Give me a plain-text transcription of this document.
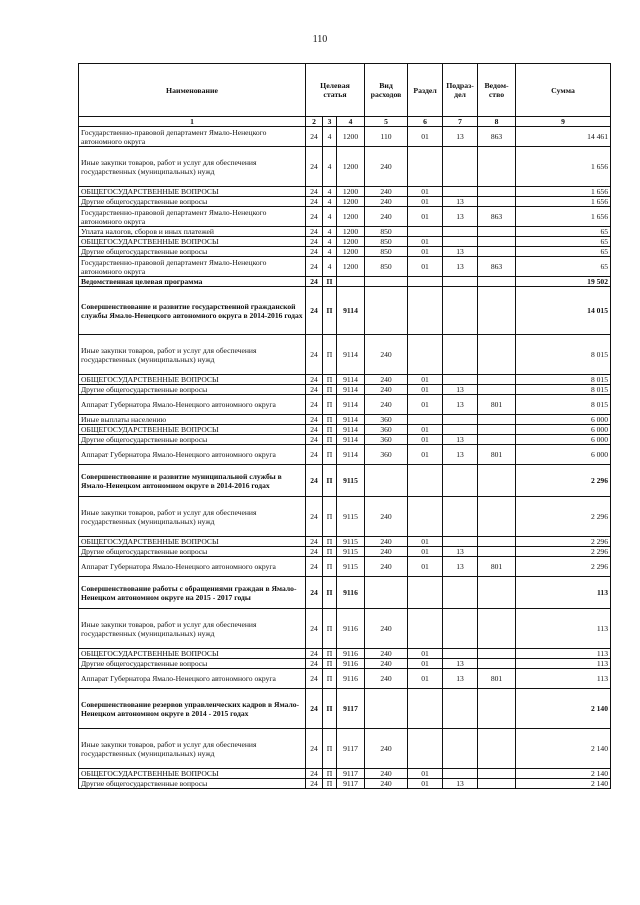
110
Наименование	Целевая статья			Вид расходов	Раздел	Подраз- дел	Ведом- ство	Сумма
1	2	3	4	5	6	7	8	9
Государственно-правовой департамент Ямало-Ненецкого автономного округа	24	4	1200	110	01	13	863	14 461
Иные закупки товаров, работ и услуг для обеспечения государственных (муниципальных) нужд	24	4	1200	240				1 656
ОБЩЕГОСУДАРСТВЕННЫЕ ВОПРОСЫ	24	4	1200	240	01			1 656
Другие общегосударственные вопросы	24	4	1200	240	01	13		1 656
Государственно-правовой департамент Ямало-Ненецкого автономного округа	24	4	1200	240	01	13	863	1 656
Уплата налогов, сборов и иных платежей	24	4	1200	850				65
ОБЩЕГОСУДАРСТВЕННЫЕ ВОПРОСЫ	24	4	1200	850	01			65
Другие общегосударственные вопросы	24	4	1200	850	01	13		65
Государственно-правовой департамент Ямало-Ненецкого автономного округа	24	4	1200	850	01	13	863	65
Ведомственная целевая программа	24	П						19 502
Совершенствование и развитие государственной гражданской службы Ямало-Ненецкого автономного округа в 2014-2016 годах	24	П	9114					14 015
Иные закупки товаров, работ и услуг для обеспечения государственных (муниципальных) нужд	24	П	9114	240				8 015
ОБЩЕГОСУДАРСТВЕННЫЕ ВОПРОСЫ	24	П	9114	240	01			8 015
Другие общегосударственные вопросы	24	П	9114	240	01	13		8 015
Аппарат Губернатора Ямало-Ненецкого автономного округа	24	П	9114	240	01	13	801	8 015
Иные выплаты населению	24	П	9114	360				6 000
ОБЩЕГОСУДАРСТВЕННЫЕ ВОПРОСЫ	24	П	9114	360	01			6 000
Другие общегосударственные вопросы	24	П	9114	360	01	13		6 000
Аппарат Губернатора Ямало-Ненецкого автономного округа	24	П	9114	360	01	13	801	6 000
Совершенствование и развитие муниципальной службы в Ямало-Ненецком автономном округе в 2014-2016 годах	24	П	9115					2 296
Иные закупки товаров, работ и услуг для обеспечения государственных (муниципальных) нужд	24	П	9115	240				2 296
ОБЩЕГОСУДАРСТВЕННЫЕ ВОПРОСЫ	24	П	9115	240	01			2 296
Другие общегосударственные вопросы	24	П	9115	240	01	13		2 296
Аппарат Губернатора Ямало-Ненецкого автономного округа	24	П	9115	240	01	13	801	2 296
Совершенствование работы с обращениями граждан в Ямало-Ненецком автономном округе на 2015 - 2017 годы	24	П	9116					113
Иные закупки товаров, работ и услуг для обеспечения государственных (муниципальных) нужд	24	П	9116	240				113
ОБЩЕГОСУДАРСТВЕННЫЕ ВОПРОСЫ	24	П	9116	240	01			113
Другие общегосударственные вопросы	24	П	9116	240	01	13		113
Аппарат Губернатора Ямало-Ненецкого автономного округа	24	П	9116	240	01	13	801	113
Совершенствование резервов управленческих кадров в Ямало-Ненецком автономном округе в 2014 - 2015 годах	24	П	9117					2 140
Иные закупки товаров, работ и услуг для обеспечения государственных (муниципальных) нужд	24	П	9117	240				2 140
ОБЩЕГОСУДАРСТВЕННЫЕ ВОПРОСЫ	24	П	9117	240	01			2 140
Другие общегосударственные вопросы	24	П	9117	240	01	13		2 140
